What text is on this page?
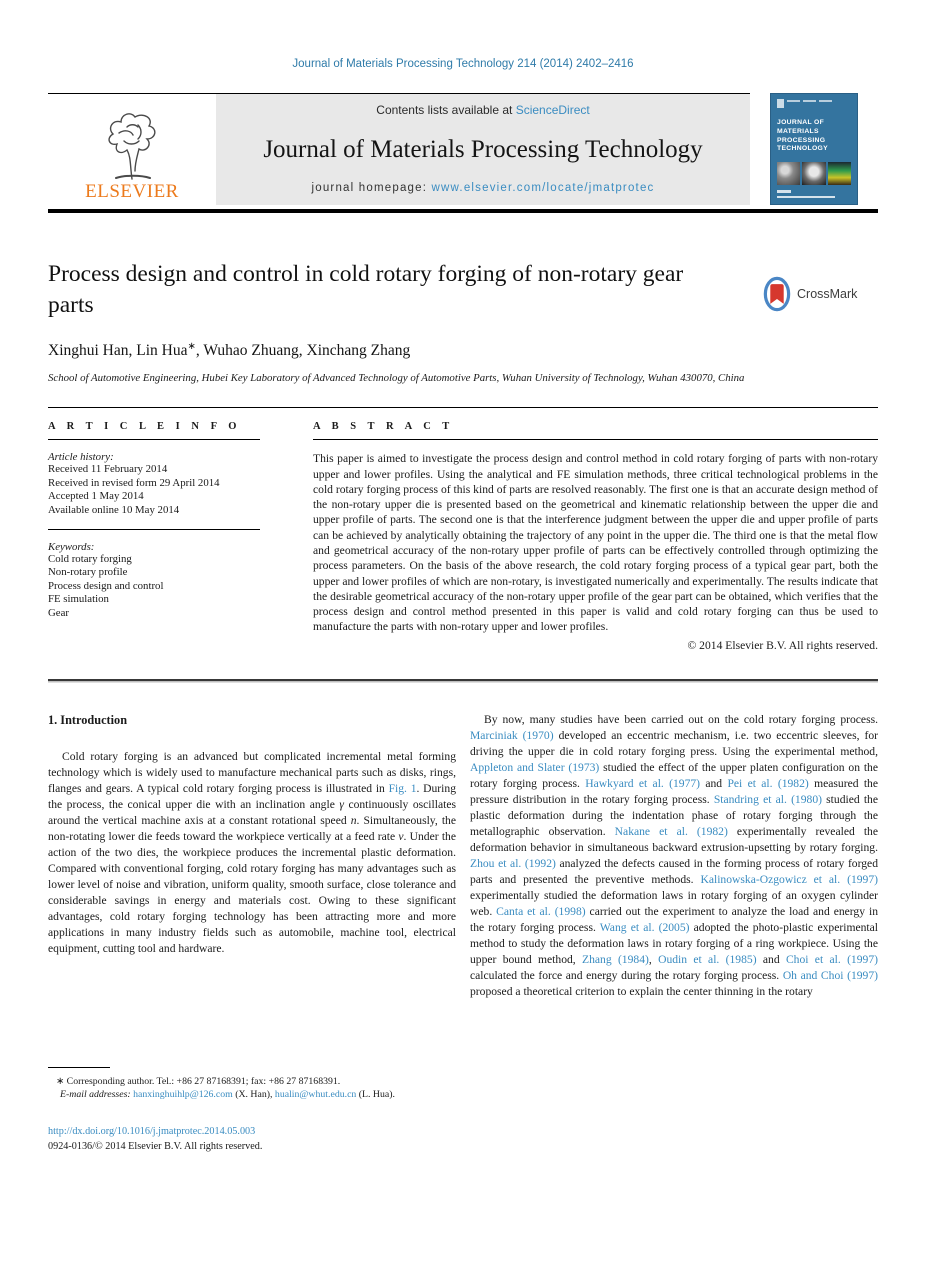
Journal of Materials Processing Technology 214 (2014) 2402–2416
ELSEVIER
Contents lists available at ScienceDirect
Journal of Materials Processing Technology
journal homepage: www.elsevier.com/locate/jmatprotec
JOURNAL OF MATERIALS PROCESSING TECHNOLOGY
Process design and control in cold rotary forging of non-rotary gear parts	CrossMark
Xinghui Han, Lin Hua∗, Wuhao Zhuang, Xinchang Zhang
School of Automotive Engineering, Hubei Key Laboratory of Advanced Technology of Automotive Parts, Wuhan University of Technology, Wuhan 430070, China
A R T I C L E I N F O
Article history:
Received 11 February 2014
Received in revised form 29 April 2014
Accepted 1 May 2014
Available online 10 May 2014
Keywords:
Cold rotary forging
Non-rotary profile
Process design and control
FE simulation
Gear
A B S T R A C T
This paper is aimed to investigate the process design and control method in cold rotary forging of parts with non-rotary upper and lower profiles. Using the analytical and FE simulation methods, three critical technological problems in the cold rotary forging process of this kind of parts are resolved reasonably. The first one is that an accurate design method of the non-rotary upper die is presented based on the geometrical and kinematic relationship between the upper die and upper profile of parts. The second one is that the interference judgment between the upper die and upper profile of parts can be achieved by analytically obtaining the trajectory of any point in the upper die. The third one is that the metal flow and geometrical accuracy of the non-rotary upper profile of parts can be effectively controlled through optimizing the process parameters. On the basis of the above research, the cold rotary forging process of a typical gear part, both the upper and lower profiles of which are non-rotary, is investigated numerically and experimentally. The results indicate that the desirable geometrical accuracy of the non-rotary upper profile of the gear part can be obtained, which verifies that the process design and control method presented in this paper is valid and cold rotary forging can thus be used to manufacture the parts with non-rotary upper and lower profiles.
© 2014 Elsevier B.V. All rights reserved.
1. Introduction

Cold rotary forging is an advanced but complicated incremental metal forming technology which is widely used to manufacture mechanical parts such as disks, rings, flanges and gears. A typical cold rotary forging process is illustrated in Fig. 1. During the process, the conical upper die with an inclination angle γ continuously oscillates around the vertical machine axis at a constant rotational speed n. Simultaneously, the non-rotating lower die feeds toward the workpiece vertically at a feed rate v. Under the action of the two dies, the workpiece produces the incremental plastic deformation. Compared with conventional forging, cold rotary forging has many advantages such as lower level of noise and vibration, uniform quality, smooth surface, close tolerance and considerable savings in energy and materials cost. Owing to these significant advantages, cold rotary forging technology has been attracting more and more applications in many industry fields such as automobile, machine tool, electrical equipment, cutting tool and hardware.

∗ Corresponding author. Tel.: +86 27 87168391; fax: +86 27 87168391.
E-mail addresses: hanxinghuihlp@126.com (X. Han), hualin@whut.edu.cn (L. Hua).
http://dx.doi.org/10.1016/j.jmatprotec.2014.05.003
0924-0136/© 2014 Elsevier B.V. All rights reserved.

By now, many studies have been carried out on the cold rotary forging process. Marciniak (1970) developed an eccentric mechanism, i.e. two eccentric sleeves, for driving the upper die in cold rotary forging press. Using the experimental method, Appleton and Slater (1973) studied the effect of the upper platen configuration on the rotary forging process. Hawkyard et al. (1977) and Pei et al. (1982) measured the pressure distribution in the rotary forging process. Standring et al. (1980) studied the plastic deformation during the indentation phase of rotary forging through the metallographic observation. Nakane et al. (1982) experimentally revealed the deformation behavior in simultaneous backward extrusion-upsetting by rotary forging. Zhou et al. (1992) analyzed the defects caused in the forming process of rotary forged parts and presented the preventive methods. Kalinowska-Ozgowicz et al. (1997) experimentally studied the deformation laws in rotary forging of an oxygen cylinder web. Canta et al. (1998) carried out the experiment to analyze the load and energy in the rotary forging process. Wang et al. (2005) adopted the photo-plastic experimental method to study the deformation laws in rotary forging of a ring workpiece. Using the upper bound method, Zhang (1984), Oudin et al. (1985) and Choi et al. (1997) calculated the force and energy during the rotary forging process. Oh and Choi (1997) proposed a theoretical criterion to explain the center thinning in the rotary
